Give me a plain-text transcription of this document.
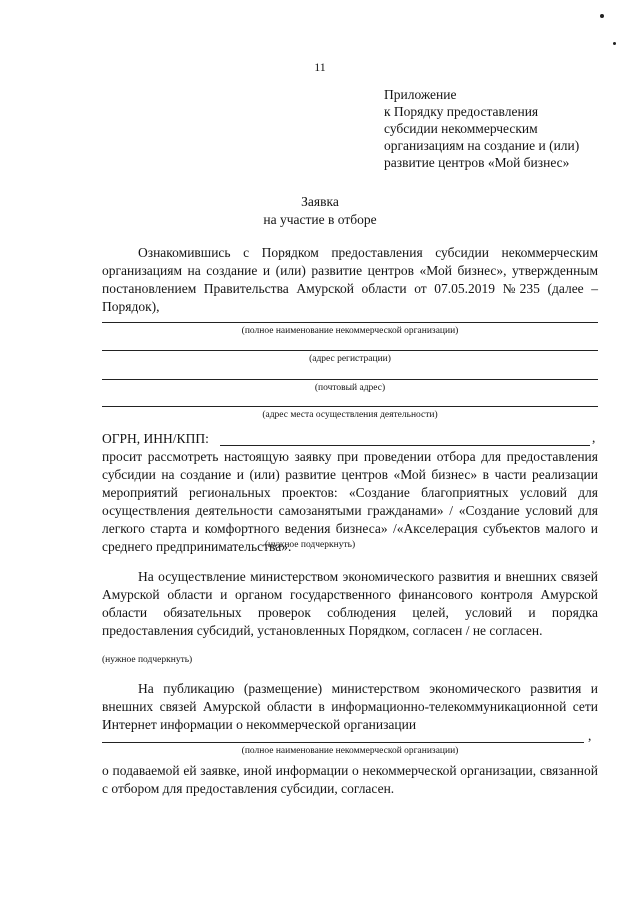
11
Приложение
к Порядку предоставления
субсидии некоммерческим
организациям на создание и (или)
развитие центров «Мой бизнес»
Заявка
на участие в отборе
Ознакомившись с Порядком предоставления субсидии некоммерческим организациям на создание и (или) развитие центров «Мой бизнес», утвержденным постановлением Правительства Амурской области от 07.05.2019 №235 (далее – Порядок),
(полное наименование некоммерческой организации)
(адрес регистрации)
(почтовый адрес)
(адрес места осуществления деятельности)
ОГРН, ИНН/КПП:	,
просит рассмотреть настоящую заявку при проведении отбора для предоставления субсидии на создание и (или) развитие центров «Мой бизнес» в части реализации мероприятий региональных проектов: «Создание благоприятных условий для осуществления деятельности самозанятыми гражданами» / «Создание условий для легкого старта и комфортного ведения бизнеса» /«Акселерация субъектов малого и среднего предпринимательства».
(нужное подчеркнуть)
На осуществление министерством экономического развития и внешних связей Амурской области и органом государственного финансового контроля Амурской области обязательных проверок соблюдения целей, условий и порядка предоставления субсидий, установленных Порядком, согласен / не согласен.
(нужное подчеркнуть)
На публикацию (размещение) министерством экономического развития и внешних связей Амурской области в информационно-телекоммуникационной сети Интернет информации о некоммерческой организации
,
(полное наименование некоммерческой организации)
о подаваемой ей заявке, иной информации о некоммерческой организации, связанной с отбором для предоставления субсидии, согласен.
